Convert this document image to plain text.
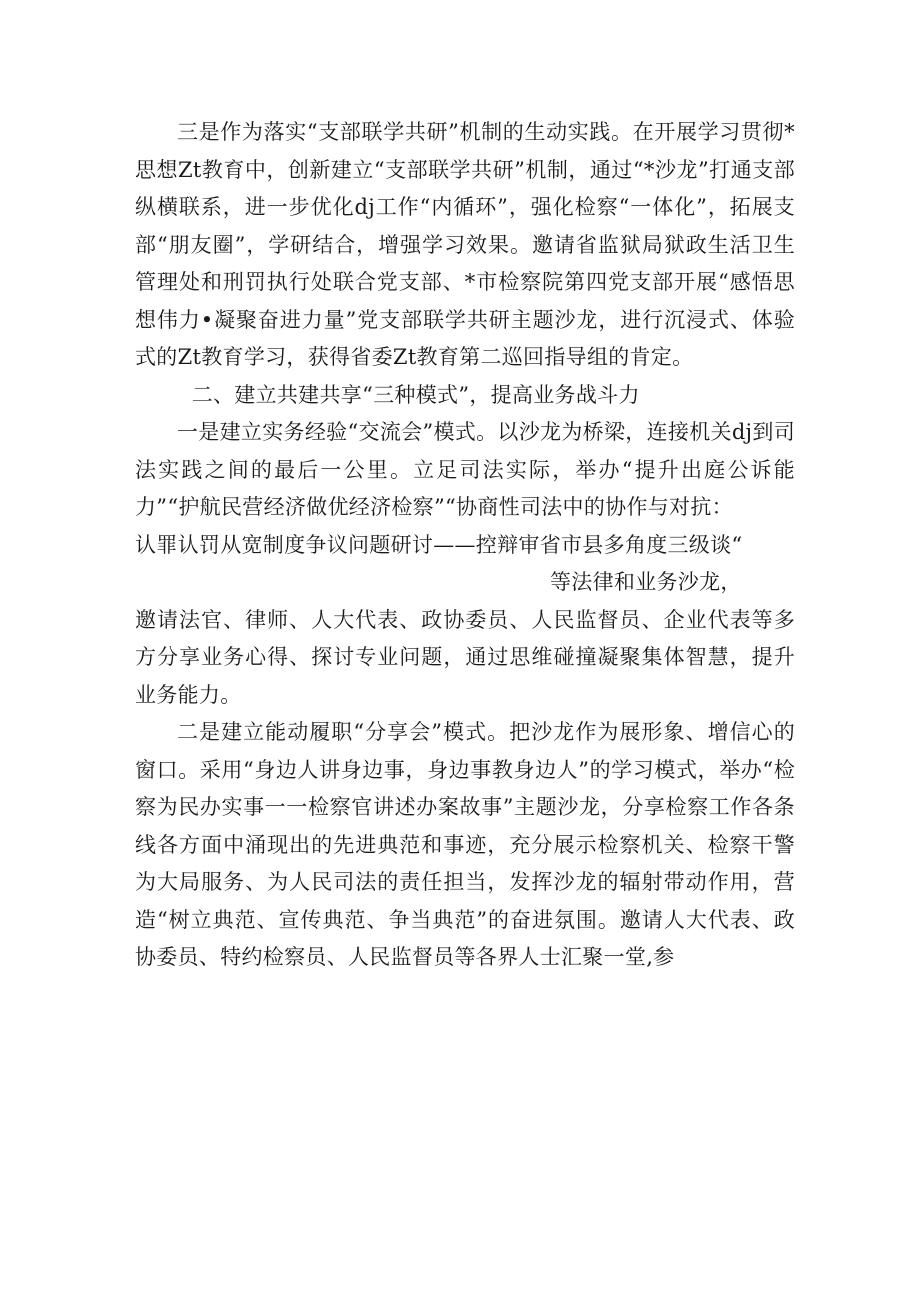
三是作为落实“支部联学共研”机制的生动实践。在开展学习贯彻*思想Zt教育中，创新建立“支部联学共研”机制，通过“*沙龙”打通支部纵横联系，进一步优化dj工作“内循环”，强化检察“一体化”，拓展支部“朋友圈”，学研结合，增强学习效果。邀请省监狱局狱政生活卫生管理处和刑罚执行处联合党支部、*市检察院第四党支部开展“感悟思想伟力•凝聚奋进力量”党支部联学共研主题沙龙，进行沉浸式、体验式的Zt教育学习，获得省委Zt教育第二巡回指导组的肯定。

二、建立共建共享“三种模式”，提高业务战斗力

一是建立实务经验“交流会”模式。以沙龙为桥梁，连接机关dj到司法实践之间的最后一公里。立足司法实际，举办“提升出庭公诉能力”“护航民营经济做优经济检察”“协商性司法中的协作与对抗：
认罪认罚从宽制度争议问题研讨——控辩审省市县多角度三级谈“
等法律和业务沙龙，
邀请法官、律师、人大代表、政协委员、人民监督员、企业代表等多方分享业务心得、探讨专业问题，通过思维碰撞凝聚集体智慧，提升业务能力。

二是建立能动履职“分享会”模式。把沙龙作为展形象、增信心的窗口。采用“身边人讲身边事，身边事教身边人”的学习模式，举办“检察为民办实事一一检察官讲述办案故事”主题沙龙，分享检察工作各条线各方面中涌现出的先进典范和事迹，充分展示检察机关、检察干警为大局服务、为人民司法的责任担当，发挥沙龙的辐射带动作用，营造“树立典范、宣传典范、争当典范”的奋进氛围。邀请人大代表、政协委员、特约检察员、人民监督员等各界人士汇聚一堂,参
